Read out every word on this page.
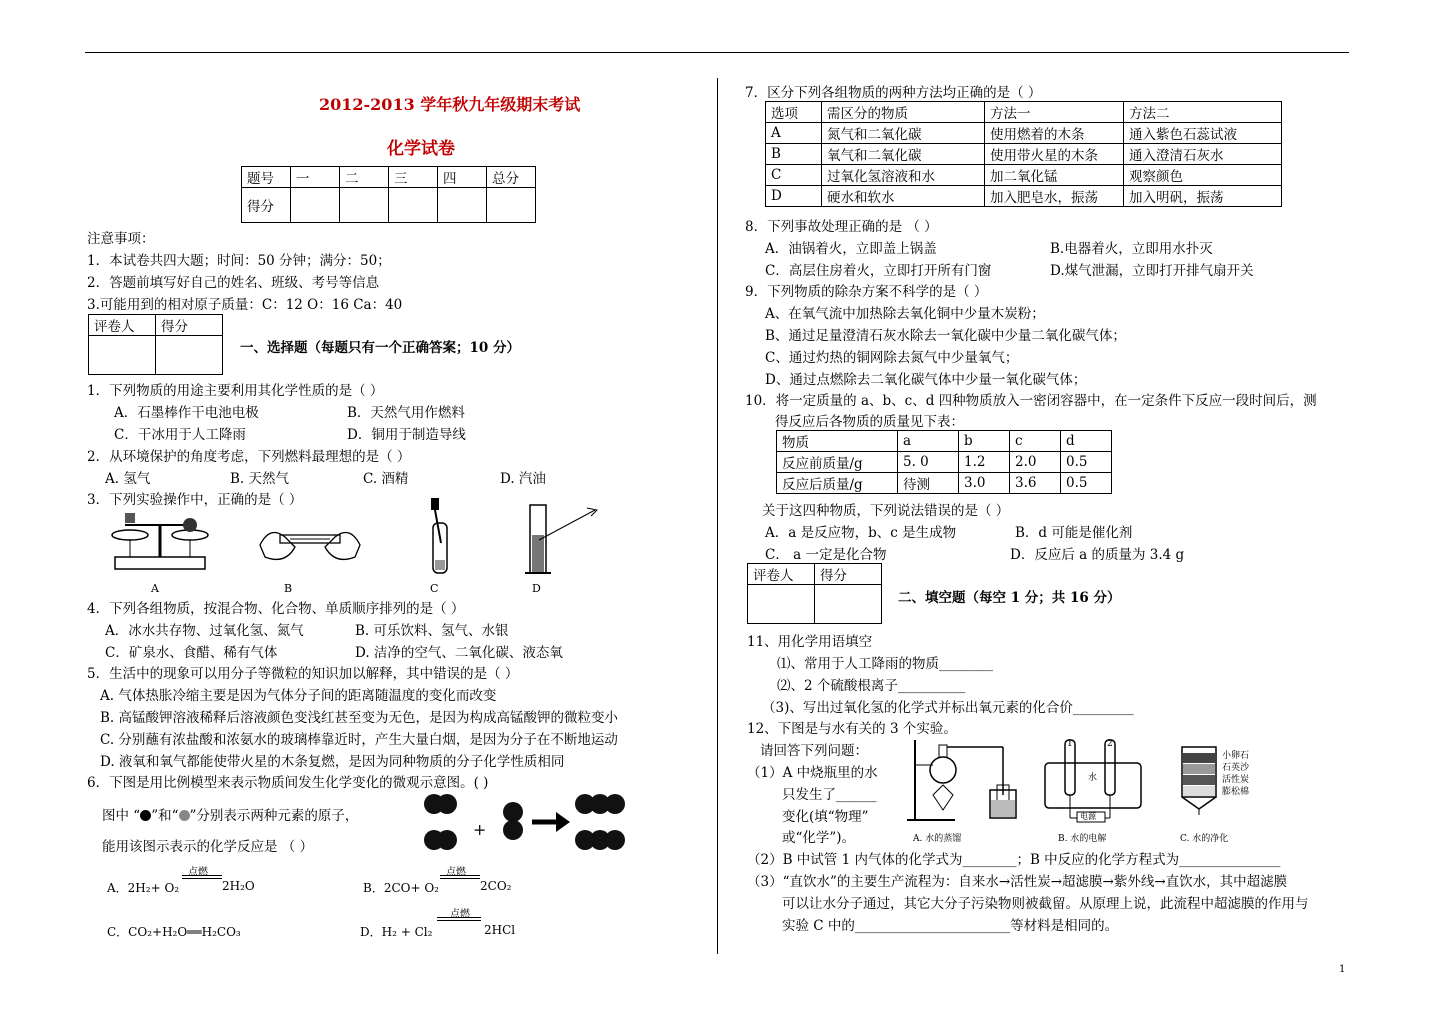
2012-2013 学年秋九年级期末考试
化学试卷
题号	一	二	三	四	总分
得分					
注意事项：
1．本试卷共四大题；时间：50 分钟；满分：50；
2．答题前填写好自己的姓名、班级、考号等信息
3.可能用到的相对原子质量：C：12 O：16 Ca：40
评卷人	得分

一、选择题（每题只有一个正确答案；10 分）
1．下列物质的用途主要利用其化学性质的是（ ）
A．石墨棒作干电池电极	B．天然气用作燃料
C．干冰用于人工降雨	D．铜用于制造导线
2．从环境保护的角度考虑，下列燃料最理想的是（ ）
A. 氢气	B. 天然气	C. 酒精	D. 汽油
3．下列实验操作中，正确的是（ ）
A	B	C	D
4．下列各组物质，按混合物、化合物、单质顺序排列的是（ ）
A．冰水共存物、过氧化氢、氮气	B. 可乐饮料、氢气、水银
C．矿泉水、食醋、稀有气体	D. 洁净的空气、二氧化碳、液态氧
5．生活中的现象可以用分子等微粒的知识加以解释，其中错误的是（ ）
A. 气体热胀冷缩主要是因为气体分子间的距离随温度的变化而改变
B. 高锰酸钾溶液稀释后溶液颜色变浅红甚至变为无色，是因为构成高锰酸钾的微粒变小
C. 分别蘸有浓盐酸和浓氨水的玻璃棒靠近时，产生大量白烟，是因为分子在不断地运动
D. 液氧和氧气都能使带火星的木条复燃，是因为同种物质的分子化学性质相同
6．下图是用比例模型来表示物质间发生化学变化的微观示意图。( )
图中 “ ”和“ ”分别表示两种元素的原子，
能用该图示表示的化学反应是 （ ）
+
A．2H₂+ O₂
点燃
2H₂O	B．2CO+ O₂
点燃
2CO₂
C．CO₂+H₂O══H₂CO₃	D．H₂ + Cl₂
点燃
2HCl
7．区分下列各组物质的两种方法均正确的是（ ）
选项	需区分的物质	方法一	方法二
A	氮气和二氧化碳	使用燃着的木条	通入紫色石蕊试液
B	氧气和二氧化碳	使用带火星的木条	通入澄清石灰水
C	过氧化氢溶液和水	加二氧化锰	观察颜色
D	硬水和软水	加入肥皂水，振荡	加入明矾，振荡
8．下列事故处理正确的是 （ ）
A．油锅着火，立即盖上锅盖	B.电器着火，立即用水扑灭
C．高层住房着火，立即打开所有门窗	D.煤气泄漏，立即打开排气扇开关
9．下列物质的除杂方案不科学的是（ ）
A、在氧气流中加热除去氧化铜中少量木炭粉；
B、通过足量澄清石灰水除去一氧化碳中少量二氧化碳气体；
C、通过灼热的铜网除去氮气中少量氧气；
D、通过点燃除去二氧化碳气体中少量一氧化碳气体；
10．将一定质量的 a、b、c、d 四种物质放入一密闭容器中，在一定条件下反应一段时间后，测
得反应后各物质的质量见下表：
物质	a	b	c	d
反应前质量/g	5. 0	1.2	2.0	0.5
反应后质量/g	待测	3.0	3.6	0.5
关于这四种物质，下列说法错误的是（ ）
A．a 是反应物，b、c 是生成物	B．d 可能是催化剂
C． a 一定是化合物	D．反应后 a 的质量为 3.4 g
评卷人	得分

二、填空题（每空 1 分；共 16 分）
11、用化学用语填空
⑴、常用于人工降雨的物质________
⑵、2 个硫酸根离子__________
（3)、写出过氧化氢的化学式并标出氧元素的化合价_________
12、下图是与水有关的 3 个实验。
请回答下列问题：
（1）A 中烧瓶里的水
只发生了______
变化(填“物理”
或“化学”)。	A. 水的蒸馏
1	2
水
电源
B. 水的电解
小卵石
石英沙
活性炭
膨松棉
C. 水的净化
（2）B 中试管 1 内气体的化学式为________；B 中反应的化学方程式为_______________
（3）“直饮水”的主要生产流程为：自来水→活性炭→超滤膜→紫外线→直饮水，其中超滤膜
可以让水分子通过，其它大分子污染物则被截留。从原理上说，此流程中超滤膜的作用与
实验 C 中的_______________________等材料是相同的。
1
